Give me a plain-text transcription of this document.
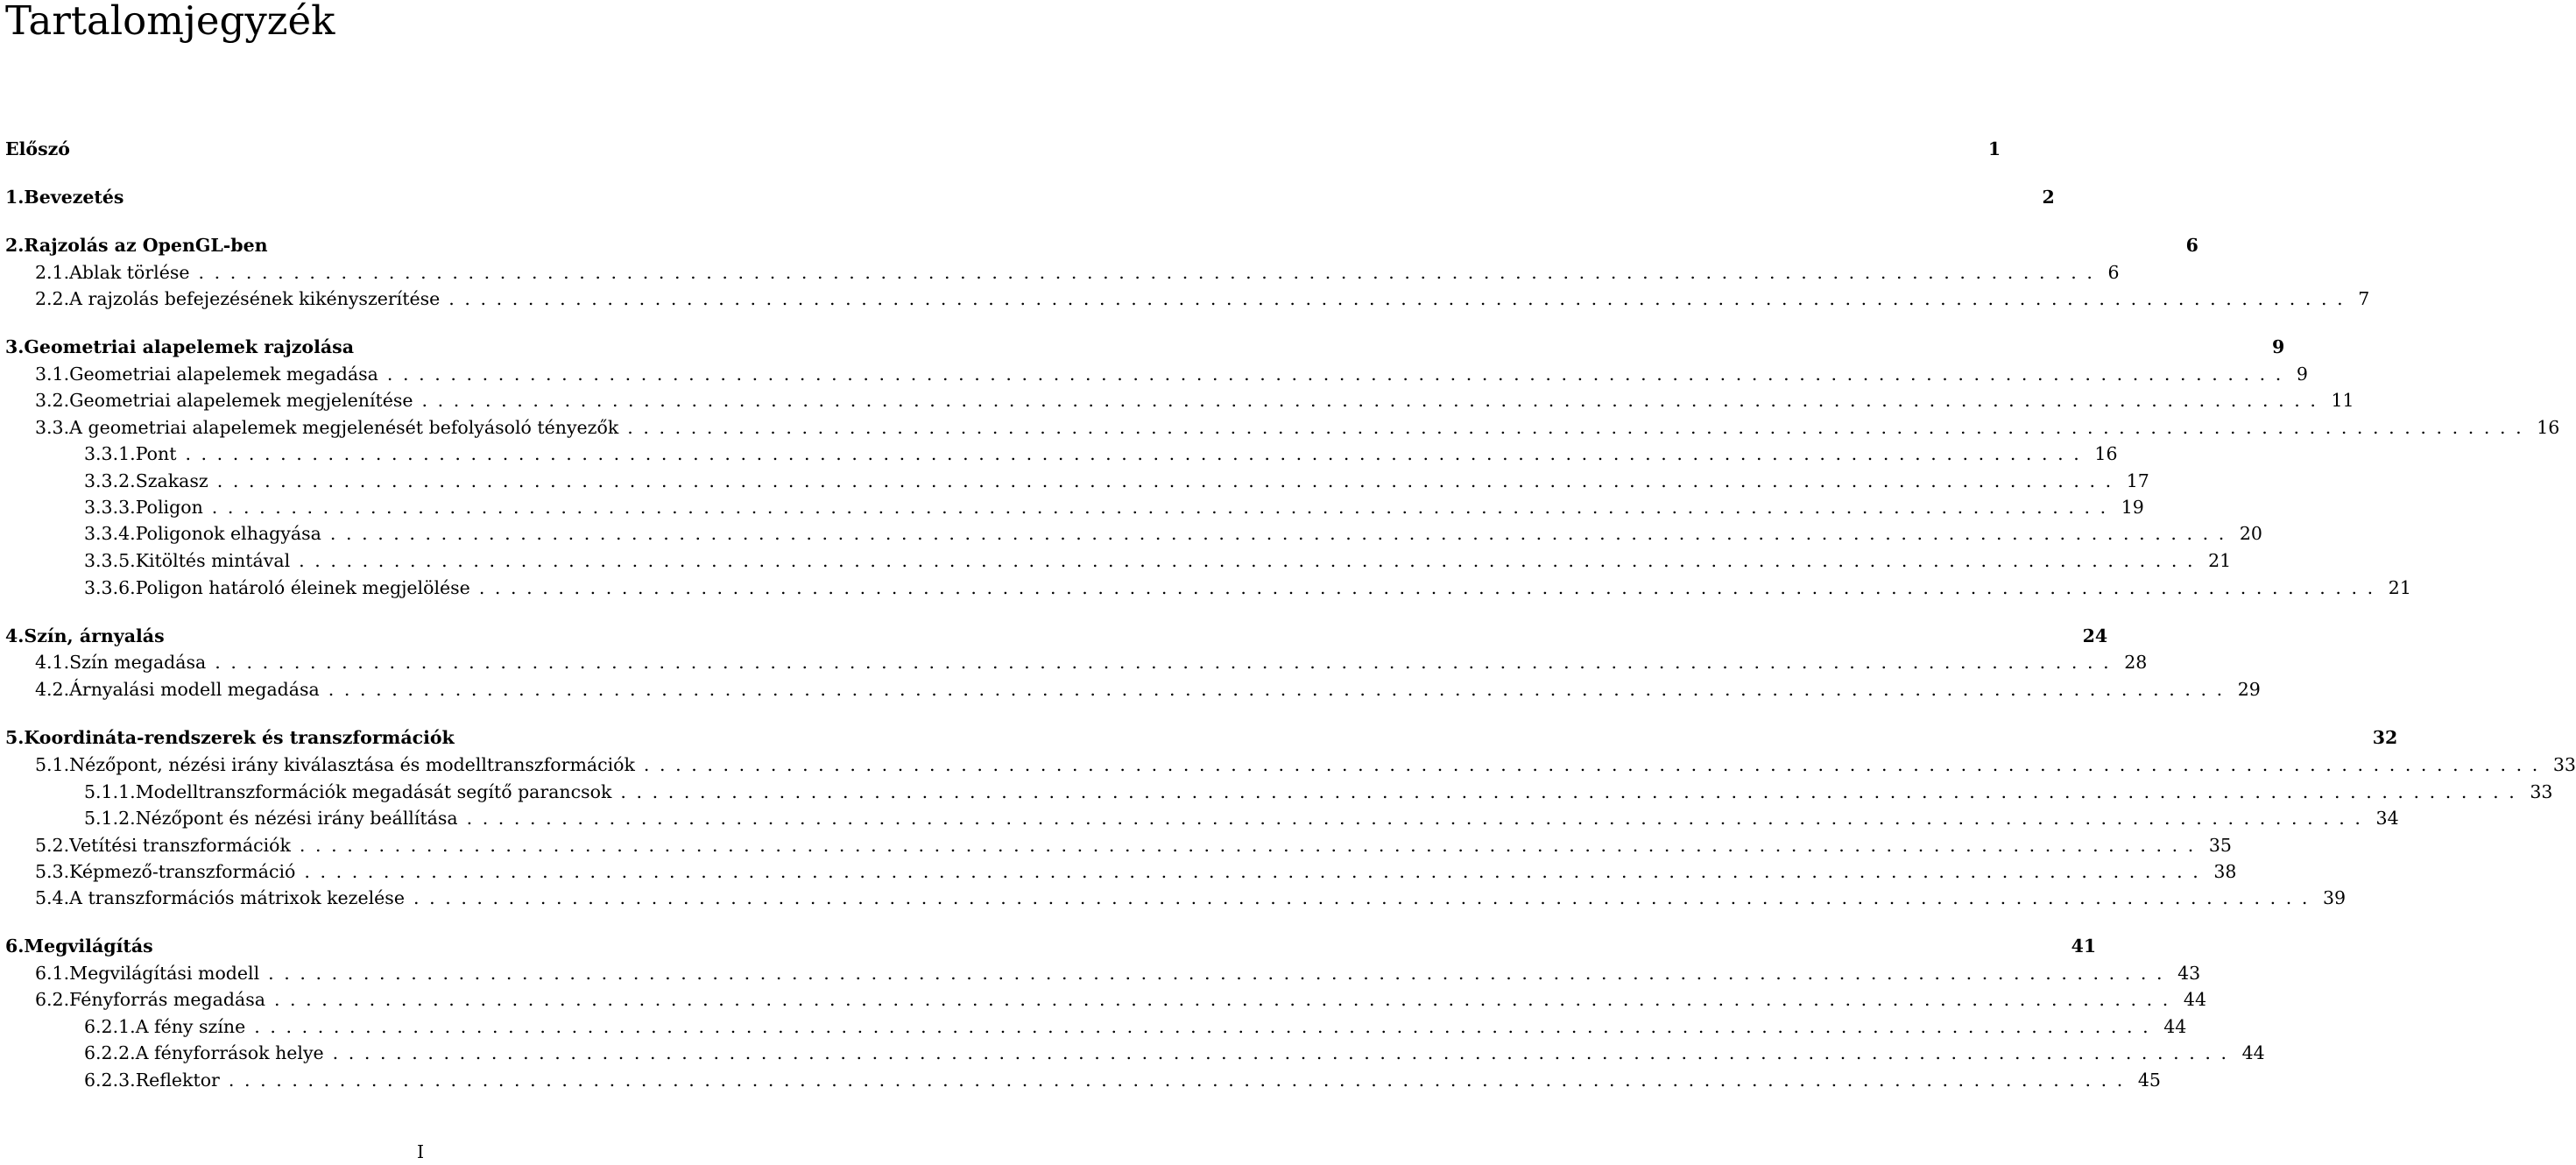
Tartalomjegyzék
Előszó	1
1. Bevezetés	2
2. Rajzolás az OpenGL-ben	6
2.1. Ablak törlése ........................................................................................................................ 6
2.2. A rajzolás befejezésének kikényszerítése ........................................................................................................................ 7
3. Geometriai alapelemek rajzolása	9
3.1. Geometriai alapelemek megadása ........................................................................................................................ 9
3.2. Geometriai alapelemek megjelenítése ........................................................................................................................ 11
3.3. A geometriai alapelemek megjelenését befolyásoló tényezők ........................................................................................................................ 16
3.3.1. Pont ........................................................................................................................ 16
3.3.2. Szakasz ........................................................................................................................ 17
3.3.3. Poligon ........................................................................................................................ 19
3.3.4. Poligonok elhagyása ........................................................................................................................ 20
3.3.5. Kitöltés mintával ........................................................................................................................ 21
3.3.6. Poligon határoló éleinek megjelölése ........................................................................................................................ 21
4. Szín, árnyalás	24
4.1. Szín megadása ........................................................................................................................ 28
4.2. Árnyalási modell megadása ........................................................................................................................ 29
5. Koordináta-rendszerek és transzformációk	32
5.1. Nézőpont, nézési irány kiválasztása és modelltranszformációk ........................................................................................................................ 33
5.1.1. Modelltranszformációk megadását segítő parancsok ........................................................................................................................ 33
5.1.2. Nézőpont és nézési irány beállítása ........................................................................................................................ 34
5.2. Vetítési transzformációk ........................................................................................................................ 35
5.3. Képmező-transzformáció ........................................................................................................................ 38
5.4. A transzformációs mátrixok kezelése ........................................................................................................................ 39
6. Megvilágítás	41
6.1. Megvilágítási modell ........................................................................................................................ 43
6.2. Fényforrás megadása ........................................................................................................................ 44
6.2.1. A fény színe ........................................................................................................................ 44
6.2.2. A fényforrások helye ........................................................................................................................ 44
6.2.3. Reflektor ........................................................................................................................ 45
I
